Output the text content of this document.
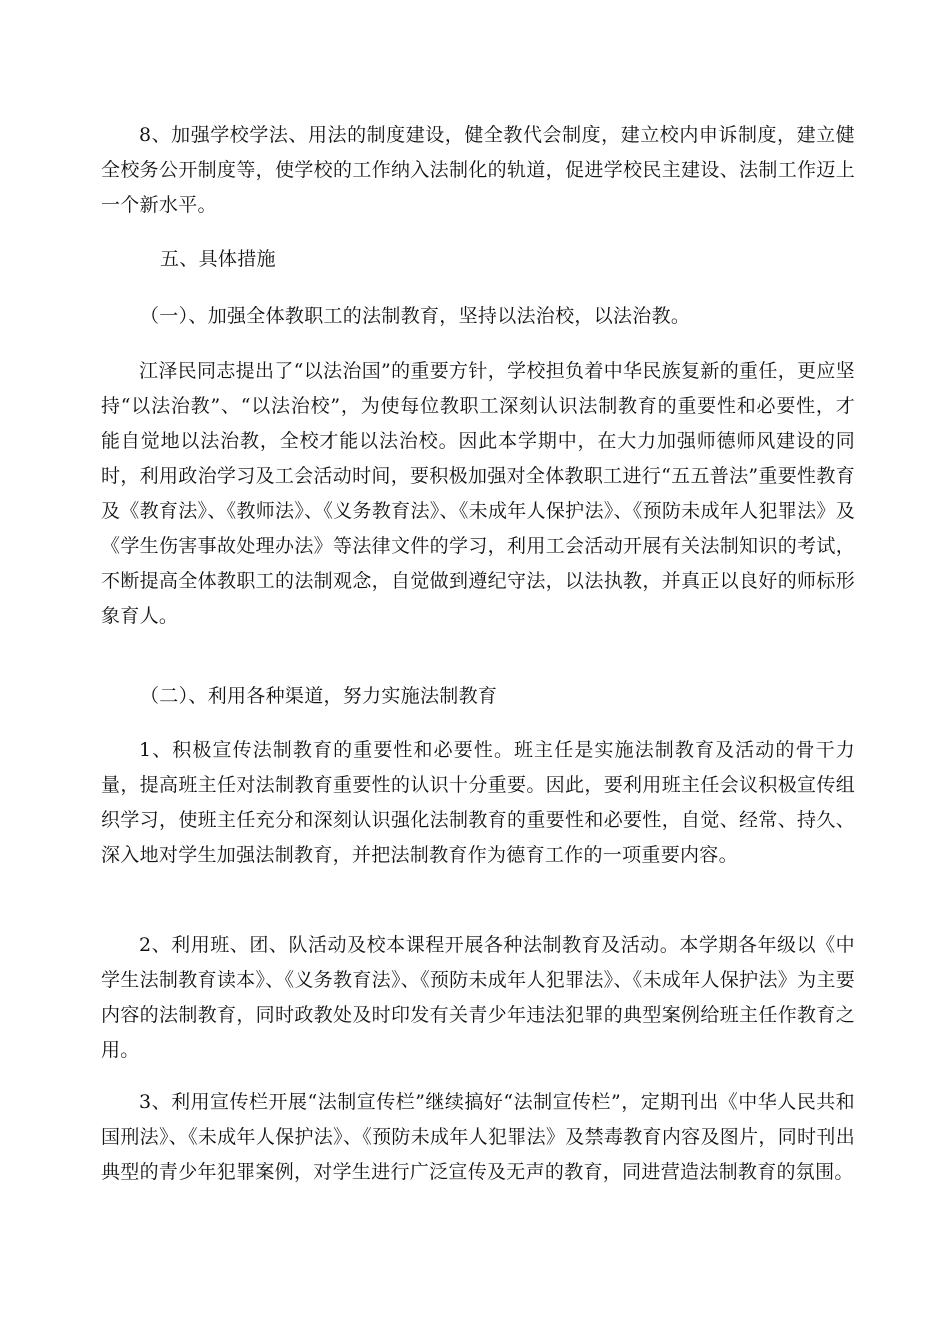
8、加强学校学法、用法的制度建设，健全教代会制度，建立校内申诉制度，建立健全校务公开制度等，使学校的工作纳入法制化的轨道，促进学校民主建设、法制工作迈上一个新水平。

五、具体措施
（一）、加强全体教职工的法制教育，坚持以法治校，以法治教。

江泽民同志提出了“以法治国”的重要方针，学校担负着中华民族复新的重任，更应坚持“以法治教”、“以法治校”，为使每位教职工深刻认识法制教育的重要性和必要性，才能自觉地以法治教，全校才能以法治校。因此本学期中，在大力加强师德师风建设的同时，利用政治学习及工会活动时间，要积极加强对全体教职工进行“五五普法”重要性教育及《教育法》、《教师法》、《义务教育法》、《未成年人保护法》、《预防未成年人犯罪法》及《学生伤害事故处理办法》等法律文件的学习，利用工会活动开展有关法制知识的考试，不断提高全体教职工的法制观念，自觉做到遵纪守法，以法执教，并真正以良好的师标形象育人。

（二）、利用各种渠道，努力实施法制教育

1、积极宣传法制教育的重要性和必要性。班主任是实施法制教育及活动的骨干力量，提高班主任对法制教育重要性的认识十分重要。因此，要利用班主任会议积极宣传组织学习，使班主任充分和深刻认识强化法制教育的重要性和必要性，自觉、经常、持久、深入地对学生加强法制教育，并把法制教育作为德育工作的一项重要内容。

2、利用班、团、队活动及校本课程开展各种法制教育及活动。本学期各年级以《中学生法制教育读本》、《义务教育法》、《预防未成年人犯罪法》、《未成年人保护法》为主要内容的法制教育，同时政教处及时印发有关青少年违法犯罪的典型案例给班主任作教育之用。

3、利用宣传栏开展“法制宣传栏”继续搞好“法制宣传栏”，定期刊出《中华人民共和国刑法》、《未成年人保护法》、《预防未成年人犯罪法》及禁毒教育内容及图片，同时刊出典型的青少年犯罪案例，对学生进行广泛宣传及无声的教育，同进营造法制教育的氛围。
